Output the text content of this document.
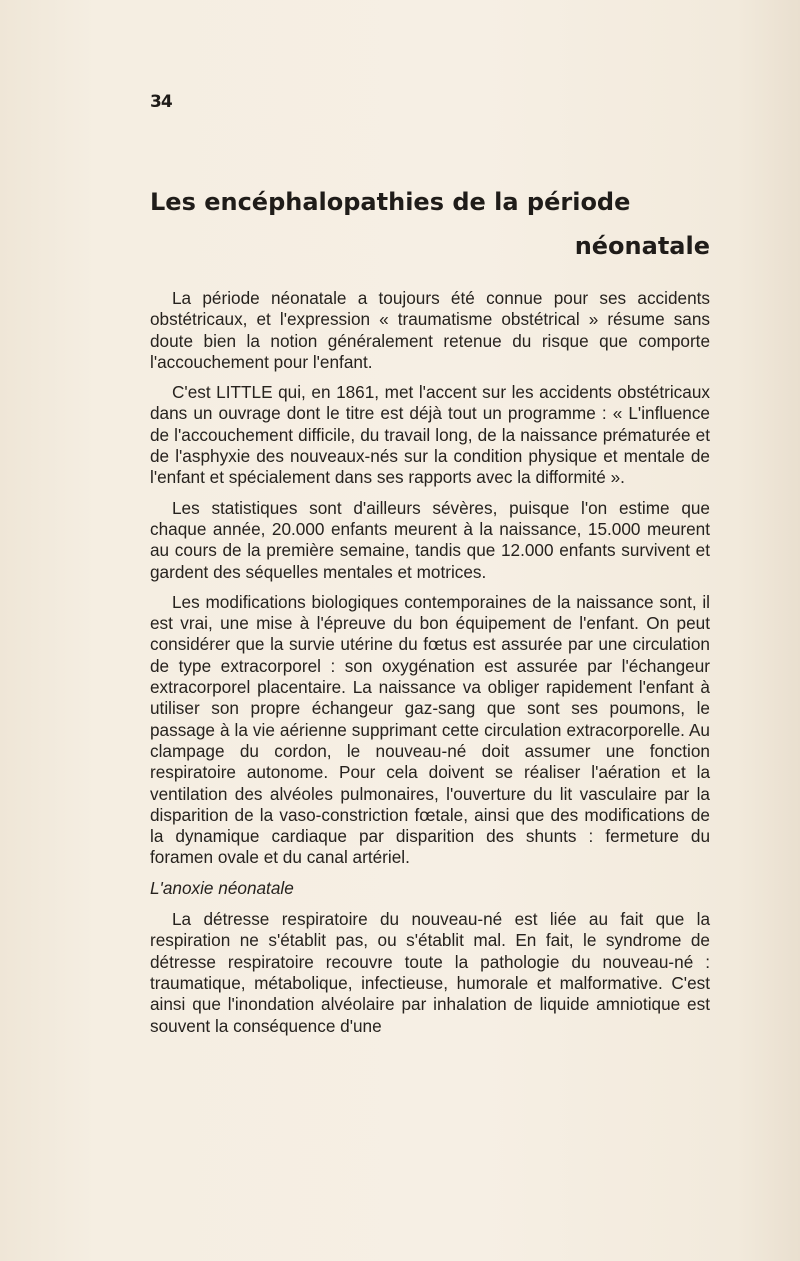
34
Les encéphalopathies de la période
néonatale

La période néonatale a toujours été connue pour ses accidents obstétricaux, et l'expression « traumatisme obstétrical » résume sans doute bien la notion généralement retenue du risque que comporte l'accouchement pour l'enfant.

C'est LITTLE qui, en 1861, met l'accent sur les accidents obstétricaux dans un ouvrage dont le titre est déjà tout un programme : « L'influence de l'accouchement difficile, du travail long, de la naissance prématurée et de l'asphyxie des nouveaux-nés sur la condition physique et mentale de l'enfant et spécialement dans ses rapports avec la difformité ».

Les statistiques sont d'ailleurs sévères, puisque l'on estime que chaque année, 20.000 enfants meurent à la naissance, 15.000 meurent au cours de la première semaine, tandis que 12.000 enfants survivent et gardent des séquelles mentales et motrices.

Les modifications biologiques contemporaines de la naissance sont, il est vrai, une mise à l'épreuve du bon équipement de l'enfant. On peut considérer que la survie utérine du fœtus est assurée par une circulation de type extracorporel : son oxygénation est assurée par l'échangeur extracorporel placentaire. La naissance va obliger rapidement l'enfant à utiliser son propre échangeur gaz-sang que sont ses poumons, le passage à la vie aérienne supprimant cette circulation extracorporelle. Au clampage du cordon, le nouveau-né doit assumer une fonction respiratoire autonome. Pour cela doivent se réaliser l'aération et la ventilation des alvéoles pulmonaires, l'ouverture du lit vasculaire par la disparition de la vaso-constriction fœtale, ainsi que des modifications de la dynamique cardiaque par disparition des shunts : fermeture du foramen ovale et du canal artériel.

L'anoxie néonatale

La détresse respiratoire du nouveau-né est liée au fait que la respiration ne s'établit pas, ou s'établit mal. En fait, le syndrome de détresse respiratoire recouvre toute la pathologie du nouveau-né : traumatique, métabolique, infectieuse, humorale et malformative. C'est ainsi que l'inondation alvéolaire par inhalation de liquide amniotique est souvent la conséquence d'une
